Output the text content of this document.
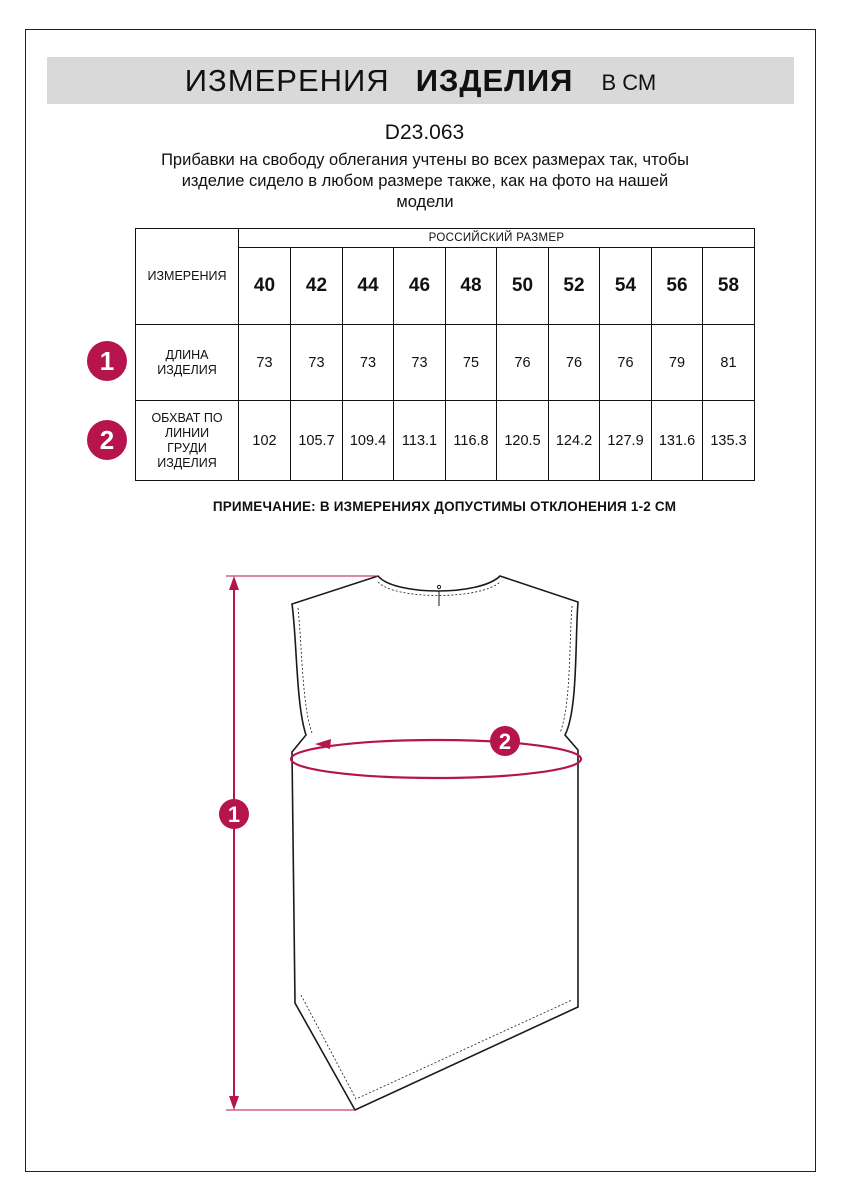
ИЗМЕРЕНИЯ ИЗДЕЛИЯ В СМ
D23.063
Прибавки на свободу облегания учтены во всех размерах так, чтобы
изделие сидело в любом размере также, как на фото на нашей
модели
ИЗМЕРЕНИЯ	РОССИЙСКИЙ РАЗМЕР									
	40	42	44	46	48	50	52	54	56	58

ДЛИНА
ИЗДЕЛИЯ	73	73	73	73	75	76	76	76	79	81

ОБХВАТ ПО
ЛИНИИ
ГРУДИ
ИЗДЕЛИЯ	102	105.7	109.4	113.1	116.8	120.5	124.2	127.9	131.6	135.3
1
2
ПРИМЕЧАНИЕ: В ИЗМЕРЕНИЯХ ДОПУСТИМЫ ОТКЛОНЕНИЯ 1-2 СМ
1
2
